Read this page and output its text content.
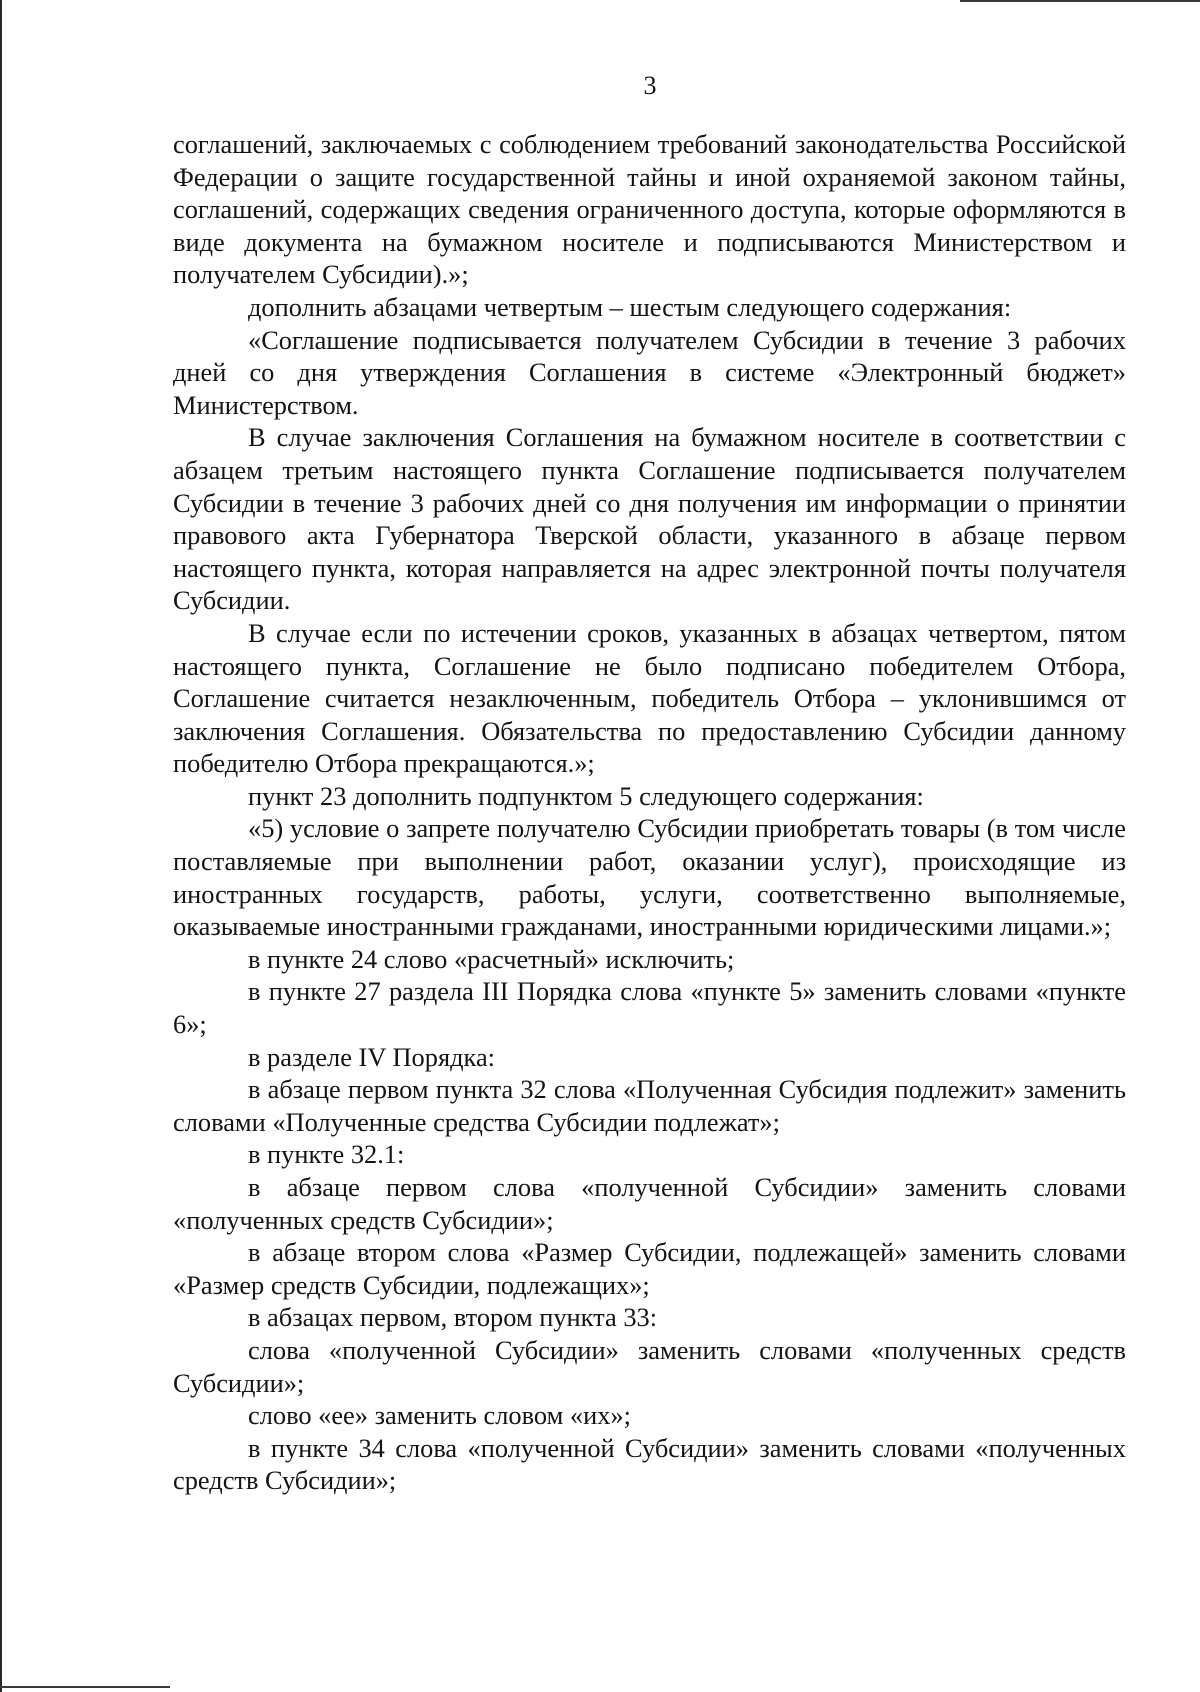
3

соглашений, заключаемых с соблюдением требований законодательства Российской Федерации о защите государственной тайны и иной охраняемой законом тайны, соглашений, содержащих сведения ограниченного доступа, которые оформляются в виде документа на бумажном носителе и подписываются Министерством и получателем Субсидии).»;

дополнить абзацами четвертым – шестым следующего содержания:

«Соглашение подписывается получателем Субсидии в течение 3 рабочих дней со дня утверждения Соглашения в системе «Электронный бюджет» Министерством.

В случае заключения Соглашения на бумажном носителе в соответствии с абзацем третьим настоящего пункта Соглашение подписывается получателем Субсидии в течение 3 рабочих дней со дня получения им информации о принятии правового акта Губернатора Тверской области, указанного в абзаце первом настоящего пункта, которая направляется на адрес электронной почты получателя Субсидии.

В случае если по истечении сроков, указанных в абзацах четвертом, пятом настоящего пункта, Соглашение не было подписано победителем Отбора, Соглашение считается незаключенным, победитель Отбора – уклонившимся от заключения Соглашения. Обязательства по предоставлению Субсидии данному победителю Отбора прекращаются.»;

пункт 23 дополнить подпунктом 5 следующего содержания:

«5) условие о запрете получателю Субсидии приобретать товары (в том числе поставляемые при выполнении работ, оказании услуг), происходящие из иностранных государств, работы, услуги, соответственно выполняемые, оказываемые иностранными гражданами, иностранными юридическими лицами.»;

в пункте 24 слово «расчетный» исключить;

в пункте 27 раздела III Порядка слова «пункте 5» заменить словами «пункте 6»;

в разделе IV Порядка:

в абзаце первом пункта 32 слова «Полученная Субсидия подлежит» заменить словами «Полученные средства Субсидии подлежат»;

в пункте 32.1:

в абзаце первом слова «полученной Субсидии» заменить словами «полученных средств Субсидии»;

в абзаце втором слова «Размер Субсидии, подлежащей» заменить словами «Размер средств Субсидии, подлежащих»;

в абзацах первом, втором пункта 33:

слова «полученной Субсидии» заменить словами «полученных средств Субсидии»;

слово «ее» заменить словом «их»;

в пункте 34 слова «полученной Субсидии» заменить словами «полученных средств Субсидии»;
